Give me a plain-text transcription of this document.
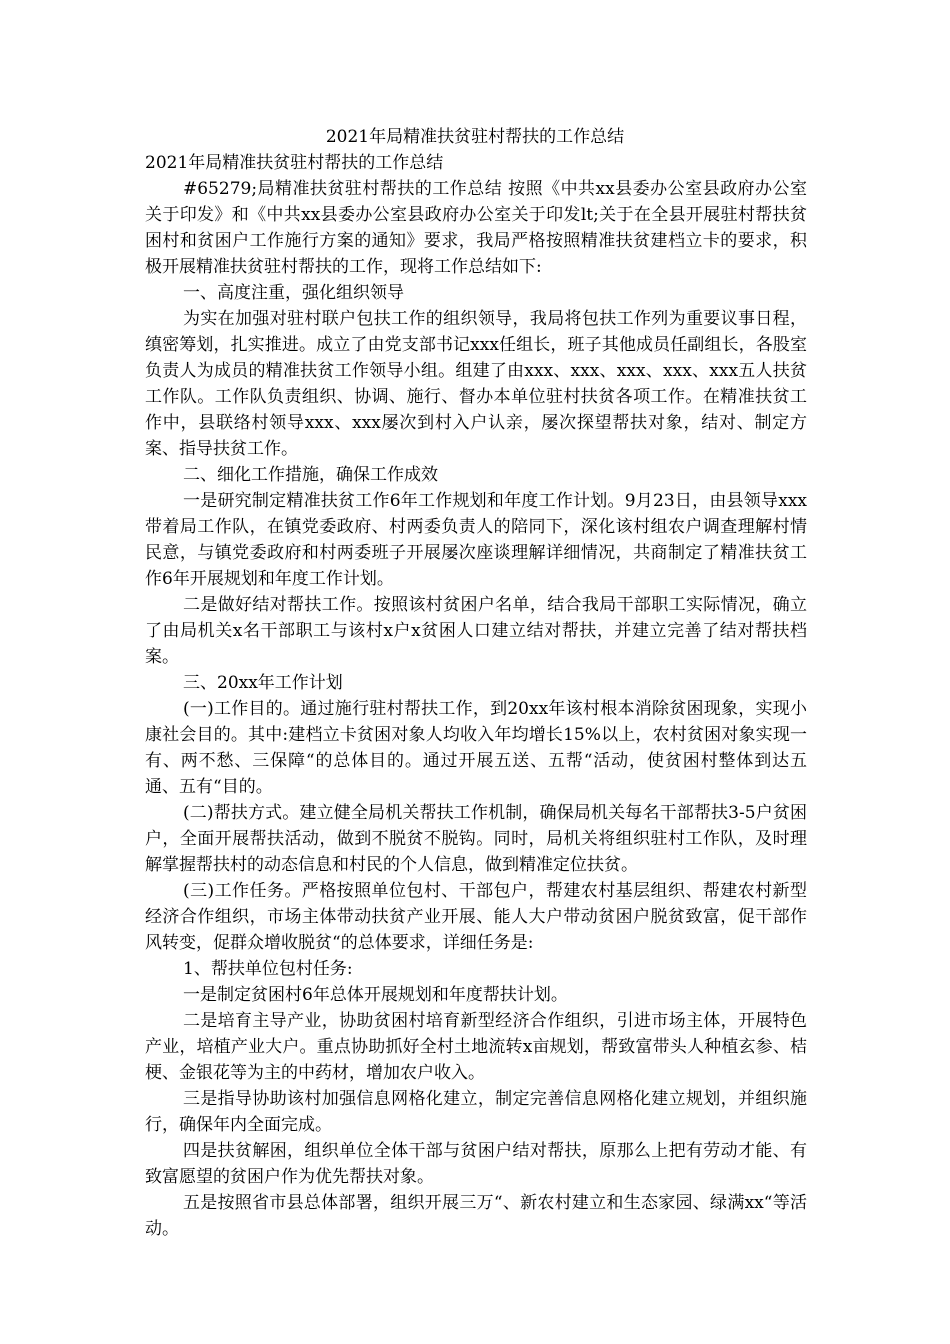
2021年局精准扶贫驻村帮扶的工作总结

2021年局精准扶贫驻村帮扶的工作总结

#65279;局精准扶贫驻村帮扶的工作总结 按照《中共xx县委办公室县政府办公室关于印发》和《中共xx县委办公室县政府办公室关于印发lt;关于在全县开展驻村帮扶贫困村和贫困户工作施行方案的通知》要求，我局严格按照精准扶贫建档立卡的要求，积极开展精准扶贫驻村帮扶的工作，现将工作总结如下:

一、高度注重，强化组织领导

为实在加强对驻村联户包扶工作的组织领导，我局将包扶工作列为重要议事日程，缜密筹划，扎实推进。成立了由党支部书记xxx任组长，班子其他成员任副组长，各股室负责人为成员的精准扶贫工作领导小组。组建了由xxx、xxx、xxx、xxx、xxx五人扶贫工作队。工作队负责组织、协调、施行、督办本单位驻村扶贫各项工作。在精准扶贫工作中，县联络村领导xxx、xxx屡次到村入户认亲，屡次探望帮扶对象，结对、制定方案、指导扶贫工作。

二、细化工作措施，确保工作成效

一是研究制定精准扶贫工作6年工作规划和年度工作计划。9月23日，由县领导xxx带着局工作队，在镇党委政府、村两委负责人的陪同下，深化该村组农户调查理解村情民意，与镇党委政府和村两委班子开展屡次座谈理解详细情况，共商制定了精准扶贫工作6年开展规划和年度工作计划。

二是做好结对帮扶工作。按照该村贫困户名单，结合我局干部职工实际情况，确立了由局机关x名干部职工与该村x户x贫困人口建立结对帮扶，并建立完善了结对帮扶档案。

三、20xx年工作计划

(一)工作目的。通过施行驻村帮扶工作，到20xx年该村根本消除贫困现象，实现小康社会目的。其中:建档立卡贫困对象人均收入年均增长15%以上，农村贫困对象实现一有、两不愁、三保障“的总体目的。通过开展五送、五帮“活动，使贫困村整体到达五通、五有“目的。

(二)帮扶方式。建立健全局机关帮扶工作机制，确保局机关每名干部帮扶3-5户贫困户，全面开展帮扶活动，做到不脱贫不脱钩。同时，局机关将组织驻村工作队，及时理解掌握帮扶村的动态信息和村民的个人信息，做到精准定位扶贫。

(三)工作任务。严格按照单位包村、干部包户，帮建农村基层组织、帮建农村新型经济合作组织，市场主体带动扶贫产业开展、能人大户带动贫困户脱贫致富，促干部作风转变，促群众增收脱贫“的总体要求，详细任务是:

1、帮扶单位包村任务:

一是制定贫困村6年总体开展规划和年度帮扶计划。

二是培育主导产业，协助贫困村培育新型经济合作组织，引进市场主体，开展特色产业，培植产业大户。重点协助抓好全村土地流转x亩规划，帮致富带头人种植玄参、桔梗、金银花等为主的中药材，增加农户收入。

三是指导协助该村加强信息网格化建立，制定完善信息网格化建立规划，并组织施行，确保年内全面完成。

四是扶贫解困，组织单位全体干部与贫困户结对帮扶，原那么上把有劳动才能、有致富愿望的贫困户作为优先帮扶对象。

五是按照省市县总体部署，组织开展三万“、新农村建立和生态家园、绿满xx“等活动。
